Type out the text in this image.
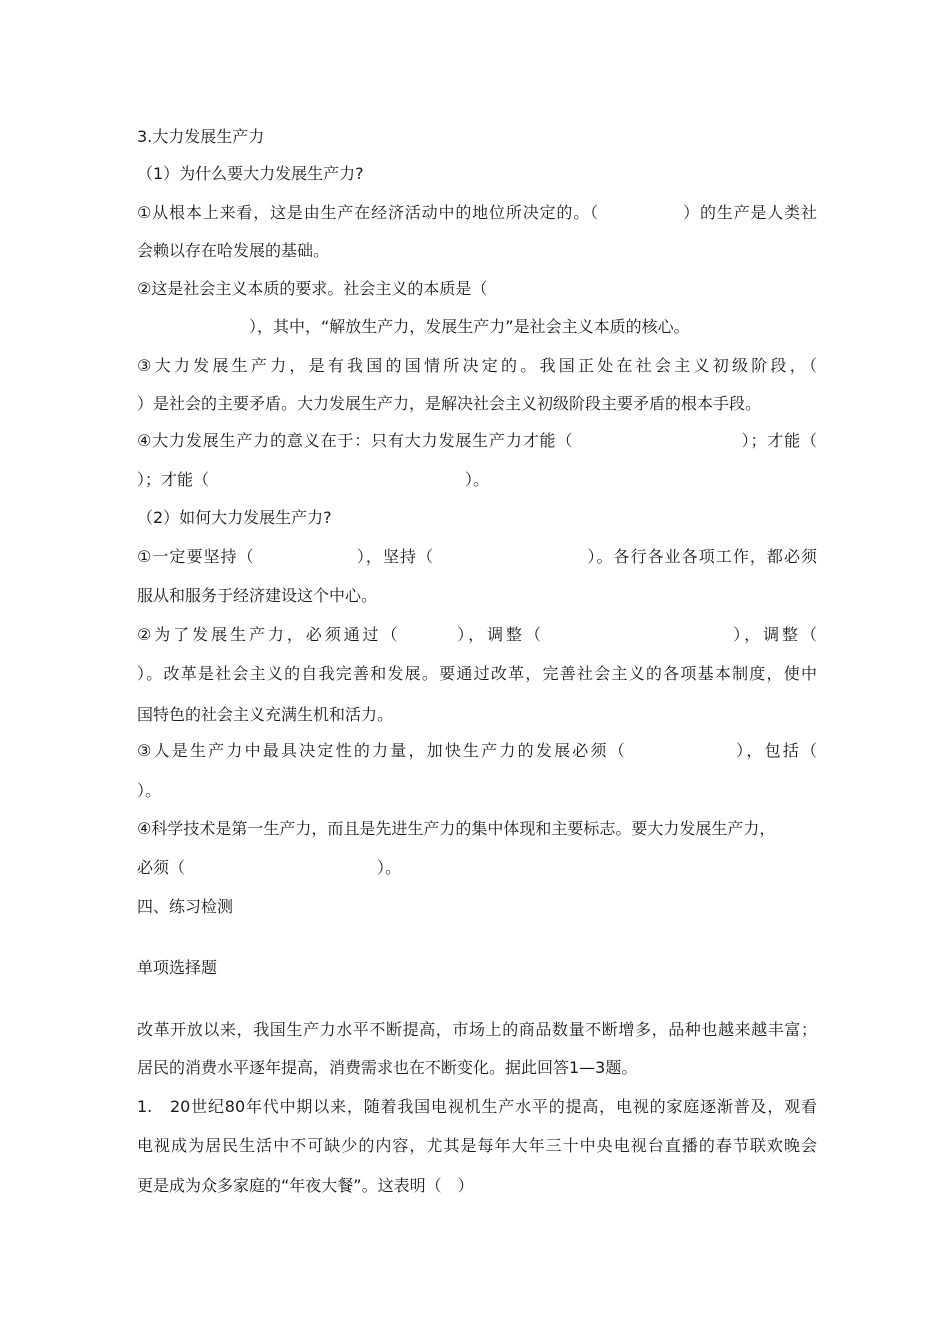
3.大力发展生产力
（1）为什么要大力发展生产力?
①从根本上来看，这是由生产在经济活动中的地位所决定的。（　　　　　）的生产是人类社
会赖以存在哈发展的基础。
②这是社会主义本质的要求。社会主义的本质是（
　　　　　　　），其中，“解放生产力，发展生产力”是社会主义本质的核心。
③大力发展生产力，是有我国的国情所决定的。我国正处在社会主义初级阶段，（
）是社会的主要矛盾。大力发展生产力，是解决社会主义初级阶段主要矛盾的根本手段。
④大力发展生产力的意义在于：只有大力发展生产力才能（　　　　　　　　　　）；才能（
）；才能（　　　　　　　　　　　　　　　　）。
（2）如何大力发展生产力?
①一定要坚持（　　　　　　），坚持（　　　　　　　　　）。各行各业各项工作，都必须
服从和服务于经济建设这个中心。
②为了发展生产力，必须通过（　　　），调整（　　　　　　　　　　），调整（
）。改革是社会主义的自我完善和发展。要通过改革，完善社会主义的各项基本制度，使中
国特色的社会主义充满生机和活力。
③人是生产力中最具决定性的力量，加快生产力的发展必须（　　　　　　），包括（
）。
④科学技术是第一生产力，而且是先进生产力的集中体现和主要标志。要大力发展生产力，
必须（　　　　　　　　　　　　）。
四、练习检测
单项选择题
改革开放以来，我国生产力水平不断提高，市场上的商品数量不断增多，品种也越来越丰富；
居民的消费水平逐年提高，消费需求也在不断变化。据此回答1—3题。
1.   20世纪80年代中期以来，随着我国电视机生产水平的提高，电视的家庭逐渐普及，观看
电视成为居民生活中不可缺少的内容，尤其是每年大年三十中央电视台直播的春节联欢晚会
更是成为众多家庭的“年夜大餐”。这表明（　）
